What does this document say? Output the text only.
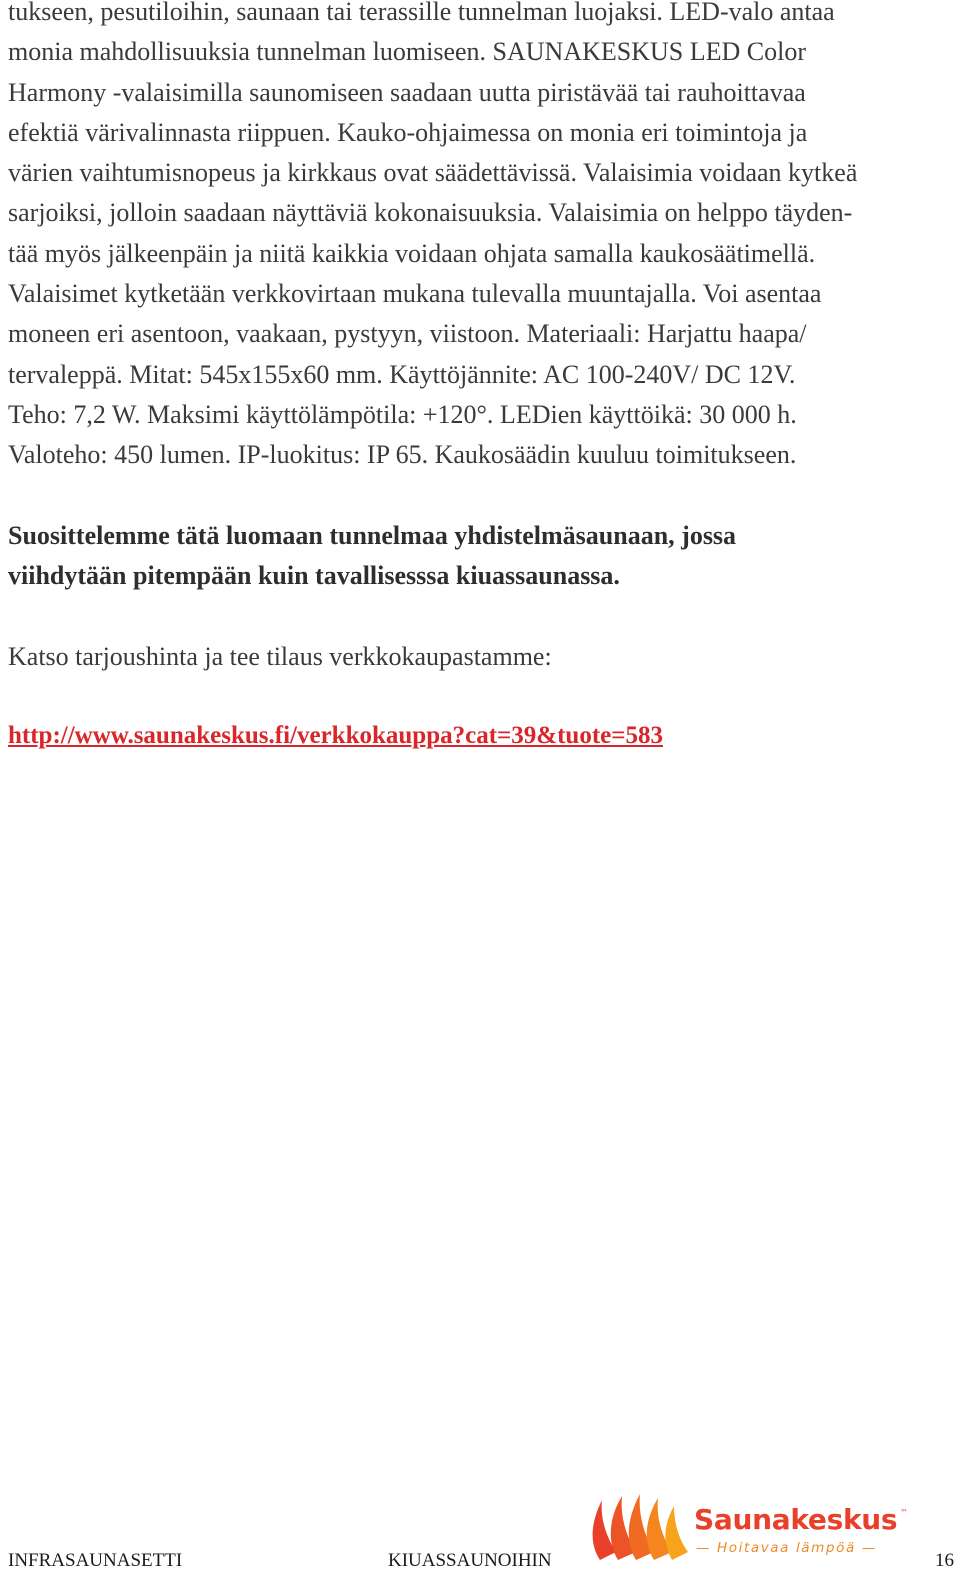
tukseen, pesutiloihin, saunaan tai terassille tunnelman luojaksi. LED-valo antaa
monia mahdollisuuksia tunnelman luomiseen. SAUNAKESKUS LED Color
Harmony -valaisimilla saunomiseen saadaan uutta piristävää tai rauhoittavaa
efektiä värivalinnasta riippuen. Kauko-ohjaimessa on monia eri toimintoja ja
värien vaihtumisnopeus ja kirkkaus ovat säädettävissä. Valaisimia voidaan kytkeä
sarjoiksi, jolloin saadaan näyttäviä kokonaisuuksia. Valaisimia on helppo täyden-
tää myös jälkeenpäin ja niitä kaikkia voidaan ohjata samalla kaukosäätimellä.
Valaisimet kytketään verkkovirtaan mukana tulevalla muuntajalla. Voi asentaa
moneen eri asentoon, vaakaan, pystyyn, viistoon. Materiaali: Harjattu haapa/
tervaleppä. Mitat: 545x155x60 mm. Käyttöjännite: AC 100-240V/ DC 12V.
Teho: 7,2 W. Maksimi käyttölämpötila: +120°. LEDien käyttöikä: 30 000 h.
Valoteho: 450 lumen. IP-luokitus: IP 65. Kaukosäädin kuuluu toimitukseen.
Suosittelemme tätä luomaan tunnelmaa yhdistelmäsaunaan, jossa
viihdytään pitempään kuin tavallisesssa kiuassaunassa.

Katso tarjoushinta ja tee tilaus verkkokaupastamme:

http://www.saunakeskus.fi/verkkokauppa?cat=39&tuote=583
Saunakeskus ™
— Hoitavaa lämpöä —
INFRASAUNASETTI	KIUASSAUNOIHIN	16
